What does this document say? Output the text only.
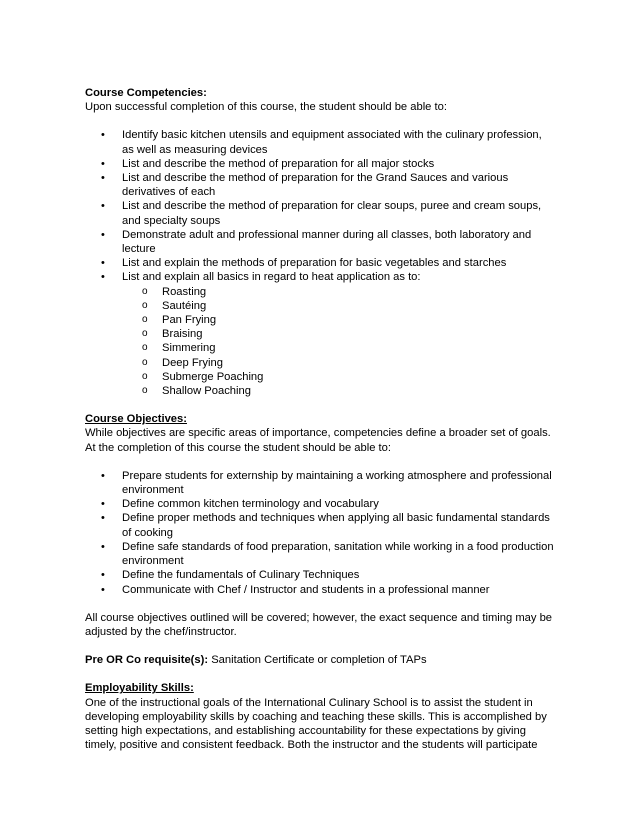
Course Competencies:

Upon successful completion of this course, the student should be able to:

• Identify basic kitchen utensils and equipment associated with the culinary profession, as well as measuring devices
• List and describe the method of preparation for all major stocks
• List and describe the method of preparation for the Grand Sauces and various derivatives of each
• List and describe the method of preparation for clear soups, puree and cream soups, and specialty soups
• Demonstrate adult and professional manner during all classes, both laboratory and lecture
• List and explain the methods of preparation for basic vegetables and starches
• List and explain all basics in regard to heat application as to:
o Roasting
o Sautéing
o Pan Frying
o Braising
o Simmering
o Deep Frying
o Submerge Poaching
o Shallow Poaching

Course Objectives:

While objectives are specific areas of importance, competencies define a broader set of goals. At the completion of this course the student should be able to:

• Prepare students for externship by maintaining a working atmosphere and professional environment
• Define common kitchen terminology and vocabulary
• Define proper methods and techniques when applying all basic fundamental standards of cooking
• Define safe standards of food preparation, sanitation while working in a food production environment
• Define the fundamentals of Culinary Techniques
• Communicate with Chef / Instructor and students in a professional manner

All course objectives outlined will be covered; however, the exact sequence and timing may be adjusted by the chef/instructor.

Pre OR Co requisite(s): Sanitation Certificate or completion of TAPs

Employability Skills:

One of the instructional goals of the International Culinary School is to assist the student in developing employability skills by coaching and teaching these skills. This is accomplished by setting high expectations, and establishing accountability for these expectations by giving timely, positive and consistent feedback. Both the instructor and the students will participate
